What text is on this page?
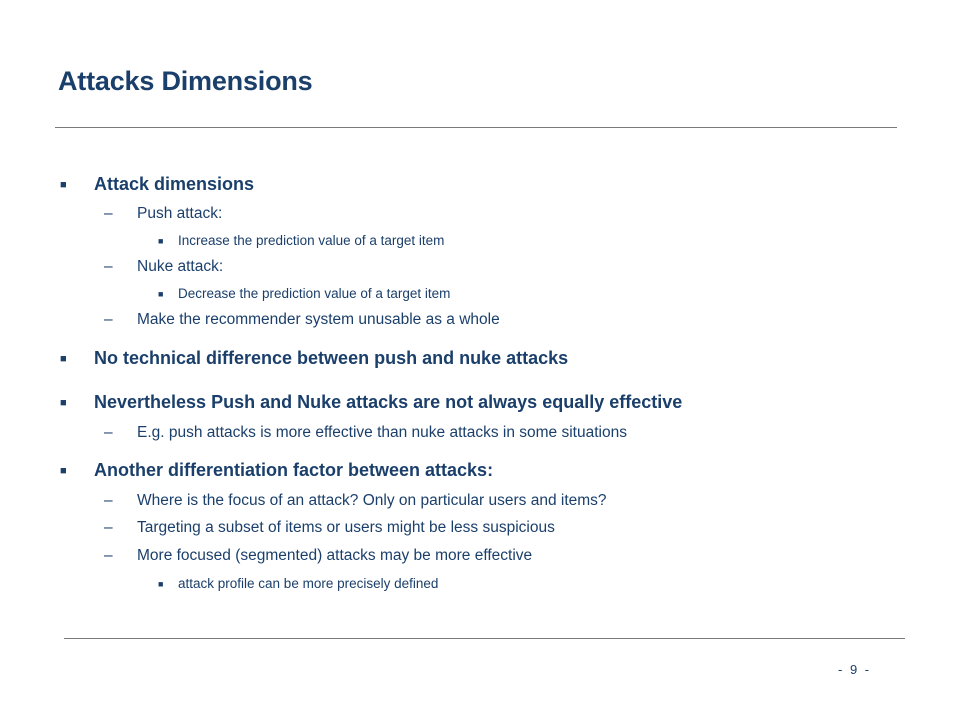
Attacks Dimensions
■	Attack dimensions
–	Push attack:
■	Increase the prediction value of a target item
–	Nuke attack:
■	Decrease the prediction value of a target item
–	Make the recommender system unusable as a whole
■	No technical difference between push and nuke attacks
■	Nevertheless Push and Nuke attacks are not always equally effective
–	E.g. push attacks is more effective than nuke attacks in some situations
■	Another differentiation factor between attacks:
–	Where is the focus of an attack? Only on particular users and items?
–	Targeting a subset of items or users might be less suspicious
–	More focused (segmented) attacks may be more effective
■	attack profile can be more precisely defined
- 9 -
